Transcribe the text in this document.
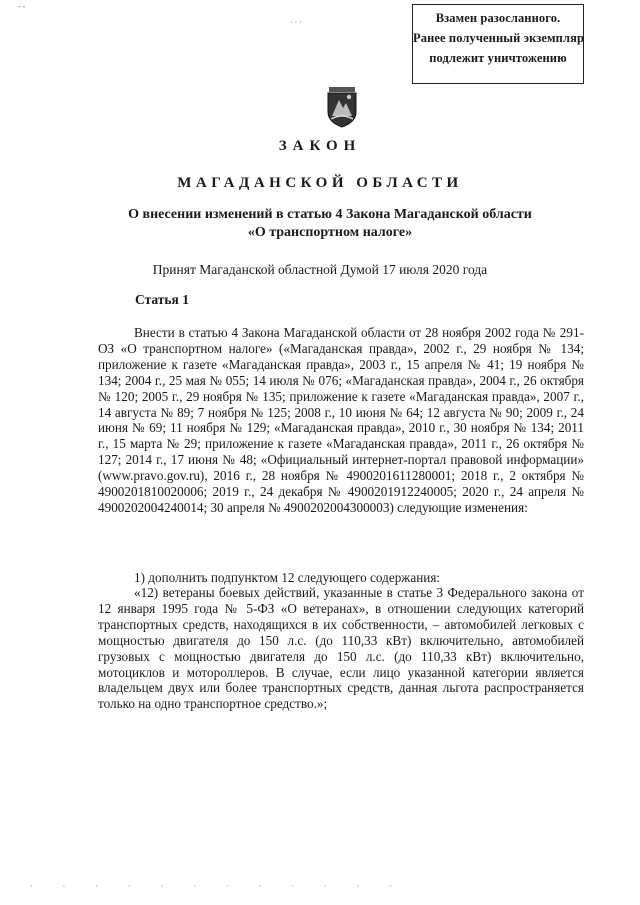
- -
· · ·
· · · · · · · · · · · ·
Взамен разосланного.
Ранее полученный экземпляр
подлежит уничтожению
ЗАКОН
МАГАДАНСКОЙ ОБЛАСТИ
О внесении изменений в статью 4 Закона Магаданской области
«О транспортном налоге»
Принят Магаданской областной Думой 17 июля 2020 года
Статья 1
Внести в статью 4 Закона Магаданской области от 28 ноября 2002 года № 291-ОЗ «О транспортном налоге» («Магаданская правда», 2002 г., 29 ноября № 134; приложение к газете «Магаданская правда», 2003 г., 15 апреля № 41; 19 ноября № 134; 2004 г., 25 мая № 055; 14 июля № 076; «Магаданская правда», 2004 г., 26 октября № 120; 2005 г., 29 ноября № 135; приложение к газете «Магаданская правда», 2007 г., 14 августа № 89; 7 ноября № 125; 2008 г., 10 июня № 64; 12 августа № 90; 2009 г., 24 июня № 69; 11 ноября № 129; «Магаданская правда», 2010 г., 30 ноября № 134; 2011 г., 15 марта № 29; приложение к газете «Магаданская правда», 2011 г., 26 октября № 127; 2014 г., 17 июня № 48; «Официальный интернет-портал правовой информации» (www.pravo.gov.ru), 2016 г., 28 ноября № 4900201611280001; 2018 г., 2 октября № 4900201810020006; 2019 г., 24 декабря № 4900201912240005; 2020 г., 24 апреля № 4900202004240014; 30 апреля № 4900202004300003) следующие изменения:
1) дополнить подпунктом 12 следующего содержания:
«12) ветераны боевых действий, указанные в статье 3 Федерального закона от 12 января 1995 года № 5-ФЗ «О ветеранах», в отношении следующих категорий транспортных средств, находящихся в их собственности, – автомобилей легковых с мощностью двигателя до 150 л.с. (до 110,33 кВт) включительно, автомобилей грузовых с мощностью двигателя до 150 л.с. (до 110,33 кВт) включительно, мотоциклов и мотороллеров. В случае, если лицо указанной категории является владельцем двух или более транспортных средств, данная льгота распространяется только на одно транспортное средство.»;
